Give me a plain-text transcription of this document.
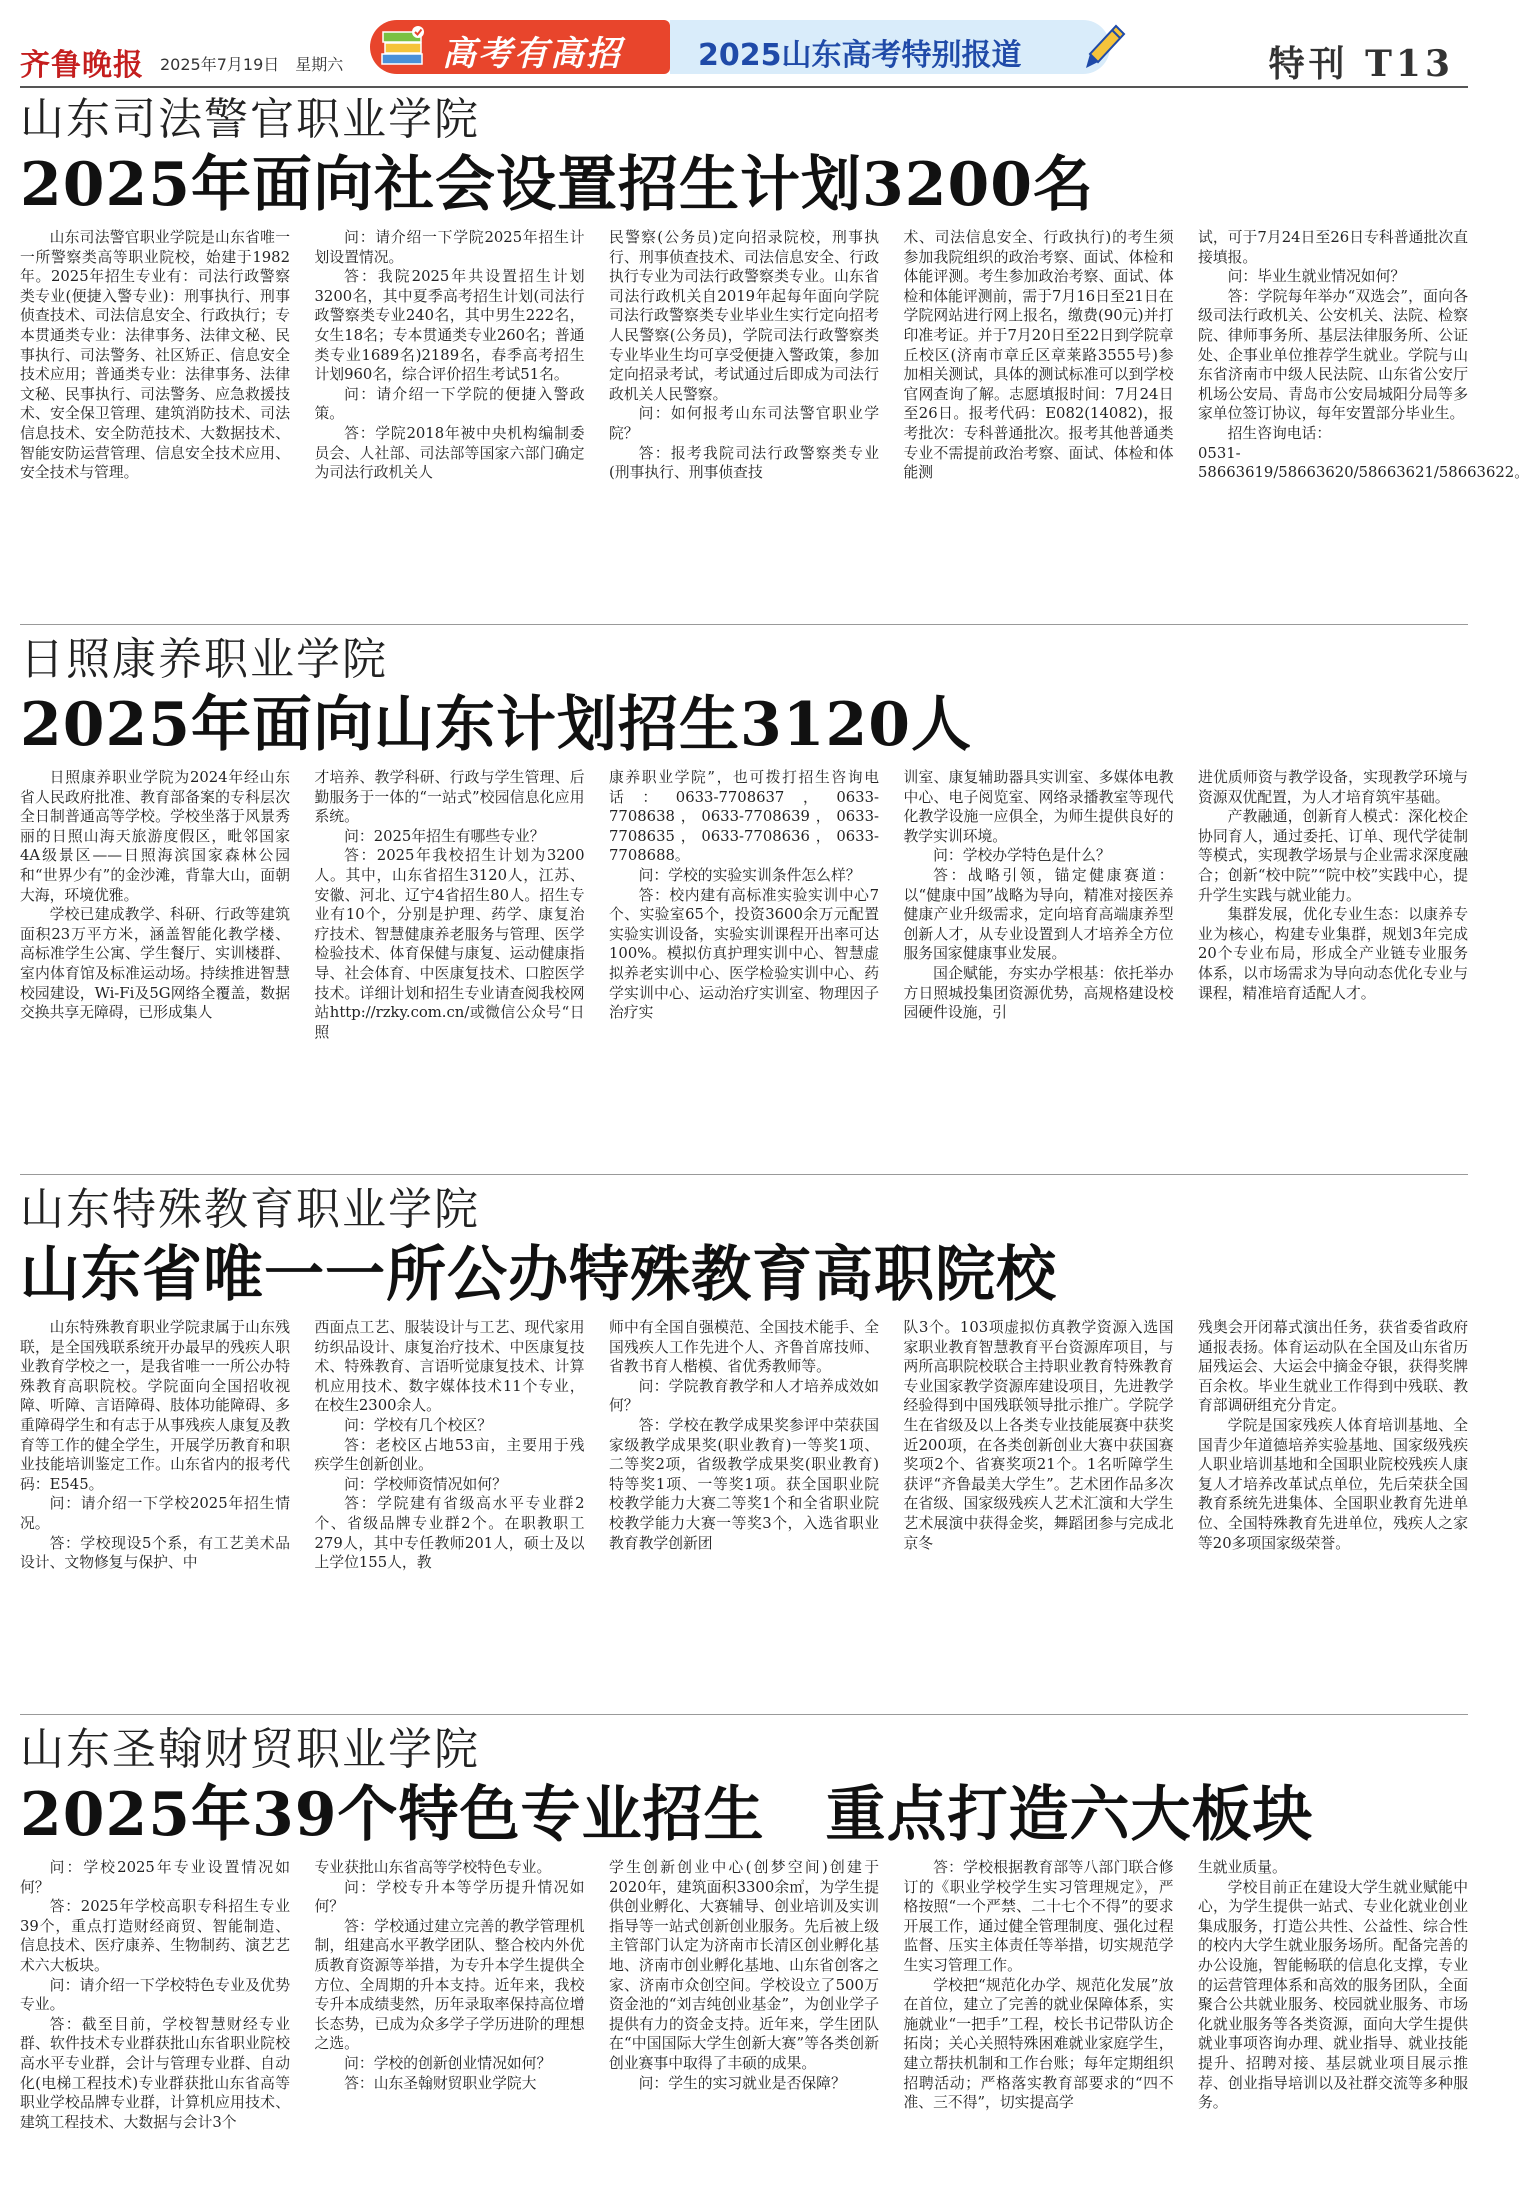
齐鲁晚报 2025年7月19日　星期六	高考有高招	2025山东高考特别报道	特刊 T13
山东司法警官职业学院
2025年面向社会设置招生计划3200名

山东司法警官职业学院是山东省唯一一所警察类高等职业院校，始建于1982年。2025年招生专业有：司法行政警察类专业(便捷入警专业)：刑事执行、刑事侦查技术、司法信息安全、行政执行；专本贯通类专业：法律事务、法律文秘、民事执行、司法警务、社区矫正、信息安全技术应用；普通类专业：法律事务、法律文秘、民事执行、司法警务、应急救援技术、安全保卫管理、建筑消防技术、司法信息技术、安全防范技术、大数据技术、智能安防运营管理、信息安全技术应用、安全技术与管理。

问：请介绍一下学院2025年招生计划设置情况。

答：我院2025年共设置招生计划3200名，其中夏季高考招生计划(司法行政警察类专业240名，其中男生222名，女生18名；专本贯通类专业260名；普通类专业1689名)2189名，春季高考招生计划960名，综合评价招生考试51名。

问：请介绍一下学院的便捷入警政策。

答：学院2018年被中央机构编制委员会、人社部、司法部等国家六部门确定为司法行政机关人

民警察(公务员)定向招录院校，刑事执行、刑事侦查技术、司法信息安全、行政执行专业为司法行政警察类专业。山东省司法行政机关自2019年起每年面向学院司法行政警察类专业毕业生实行定向招考人民警察(公务员)，学院司法行政警察类专业毕业生均可享受便捷入警政策，参加定向招录考试，考试通过后即成为司法行政机关人民警察。

问：如何报考山东司法警官职业学院？

答：报考我院司法行政警察类专业(刑事执行、刑事侦查技

术、司法信息安全、行政执行)的考生须参加我院组织的政治考察、面试、体检和体能评测。考生参加政治考察、面试、体检和体能评测前，需于7月16日至21日在学院网站进行网上报名，缴费(90元)并打印准考证。并于7月20日至22日到学院章丘校区(济南市章丘区章莱路3555号)参加相关测试，具体的测试标准可以到学校官网查询了解。志愿填报时间：7月24日至26日。报考代码：E082(14082)，报考批次：专科普通批次。报考其他普通类专业不需提前政治考察、面试、体检和体能测

试，可于7月24日至26日专科普通批次直接填报。

问：毕业生就业情况如何？

答：学院每年举办“双选会”，面向各级司法行政机关、公安机关、法院、检察院、律师事务所、基层法律服务所、公证处、企事业单位推荐学生就业。学院与山东省济南市中级人民法院、山东省公安厅机场公安局、青岛市公安局城阳分局等多家单位签订协议，每年安置部分毕业生。

招生咨询电话：

0531-58663619/58663620/58663621/58663622。

日照康养职业学院
2025年面向山东计划招生3120人

日照康养职业学院为2024年经山东省人民政府批准、教育部备案的专科层次全日制普通高等学校。学校坐落于风景秀丽的日照山海天旅游度假区，毗邻国家4A级景区——日照海滨国家森林公园和“世界少有”的金沙滩，背靠大山，面朝大海，环境优雅。

学校已建成教学、科研、行政等建筑面积23万平方米，涵盖智能化教学楼、高标准学生公寓、学生餐厅、实训楼群、室内体育馆及标准运动场。持续推进智慧校园建设，Wi-Fi及5G网络全覆盖，数据交换共享无障碍，已形成集人

才培养、教学科研、行政与学生管理、后勤服务于一体的“一站式”校园信息化应用系统。

问：2025年招生有哪些专业？

答：2025年我校招生计划为3200人。其中，山东省招生3120人，江苏、安徽、河北、辽宁4省招生80人。招生专业有10个，分别是护理、药学、康复治疗技术、智慧健康养老服务与管理、医学检验技术、体育保健与康复、运动健康指导、社会体育、中医康复技术、口腔医学技术。详细计划和招生专业请查阅我校网站http://rzky.com.cn/或微信公众号“日照

康养职业学院”，也可拨打招生咨询电话：0633-7708637，0633-7708638，0633-7708639，0633-7708635，0633-7708636，0633-7708688。

问：学校的实验实训条件怎么样？

答：校内建有高标准实验实训中心7个、实验室65个，投资3600余万元配置实验实训设备，实验实训课程开出率可达100%。模拟仿真护理实训中心、智慧虚拟养老实训中心、医学检验实训中心、药学实训中心、运动治疗实训室、物理因子治疗实

训室、康复辅助器具实训室、多媒体电教中心、电子阅览室、网络录播教室等现代化教学设施一应俱全，为师生提供良好的教学实训环境。

问：学校办学特色是什么？

答：战略引领，锚定健康赛道：以“健康中国”战略为导向，精准对接医养健康产业升级需求，定向培育高端康养型创新人才，从专业设置到人才培养全方位服务国家健康事业发展。

国企赋能，夯实办学根基：依托举办方日照城投集团资源优势，高规格建设校园硬件设施，引

进优质师资与教学设备，实现教学环境与资源双优配置，为人才培育筑牢基础。

产教融通，创新育人模式：深化校企协同育人，通过委托、订单、现代学徒制等模式，实现教学场景与企业需求深度融合；创新“校中院”“院中校”实践中心，提升学生实践与就业能力。

集群发展，优化专业生态：以康养专业为核心，构建专业集群，规划3年完成20个专业布局，形成全产业链专业服务体系，以市场需求为导向动态优化专业与课程，精准培育适配人才。

山东特殊教育职业学院
山东省唯一一所公办特殊教育高职院校

山东特殊教育职业学院隶属于山东残联，是全国残联系统开办最早的残疾人职业教育学校之一，是我省唯一一所公办特殊教育高职院校。学院面向全国招收视障、听障、言语障碍、肢体功能障碍、多重障碍学生和有志于从事残疾人康复及教育等工作的健全学生，开展学历教育和职业技能培训鉴定工作。山东省内的报考代码：E545。

问：请介绍一下学校2025年招生情况。

答：学校现设5个系，有工艺美术品设计、文物修复与保护、中

西面点工艺、服装设计与工艺、现代家用纺织品设计、康复治疗技术、中医康复技术、特殊教育、言语听觉康复技术、计算机应用技术、数字媒体技术11个专业，在校生2300余人。

问：学校有几个校区？

答：老校区占地53亩，主要用于残疾学生创新创业。

问：学校师资情况如何？

答：学院建有省级高水平专业群2个、省级品牌专业群2个。在职教职工279人，其中专任教师201人，硕士及以上学位155人，教

师中有全国自强模范、全国技术能手、全国残疾人工作先进个人、齐鲁首席技师、省教书育人楷模、省优秀教师等。

问：学院教育教学和人才培养成效如何？

答：学校在教学成果奖参评中荣获国家级教学成果奖(职业教育)一等奖1项、二等奖2项，省级教学成果奖(职业教育)特等奖1项、一等奖1项。获全国职业院校教学能力大赛二等奖1个和全省职业院校教学能力大赛一等奖3个，入选省职业教育教学创新团

队3个。103项虚拟仿真教学资源入选国家职业教育智慧教育平台资源库项目，与两所高职院校联合主持职业教育特殊教育专业国家教学资源库建设项目，先进教学经验得到中国残联领导批示推广。学院学生在省级及以上各类专业技能展赛中获奖近200项，在各类创新创业大赛中获国赛奖项2个、省赛奖项21个。1名听障学生获评“齐鲁最美大学生”。艺术团作品多次在省级、国家级残疾人艺术汇演和大学生艺术展演中获得金奖，舞蹈团参与完成北京冬

残奥会开闭幕式演出任务，获省委省政府通报表扬。体育运动队在全国及山东省历届残运会、大运会中摘金夺银，获得奖牌百余枚。毕业生就业工作得到中残联、教育部调研组充分肯定。

学院是国家残疾人体育培训基地、全国青少年道德培养实验基地、国家级残疾人职业培训基地和全国职业院校残疾人康复人才培养改革试点单位，先后荣获全国教育系统先进集体、全国职业教育先进单位、全国特殊教育先进单位，残疾人之家等20多项国家级荣誉。

山东圣翰财贸职业学院
2025年39个特色专业招生　重点打造六大板块

问：学校2025年专业设置情况如何？

答：2025年学校高职专科招生专业39个，重点打造财经商贸、智能制造、信息技术、医疗康养、生物制药、演艺艺术六大板块。

问：请介绍一下学校特色专业及优势专业。

答：截至目前，学校智慧财经专业群、软件技术专业群获批山东省职业院校高水平专业群，会计与管理专业群、自动化(电梯工程技术)专业群获批山东省高等职业学校品牌专业群，计算机应用技术、建筑工程技术、大数据与会计3个

专业获批山东省高等学校特色专业。

问：学校专升本等学历提升情况如何？

答：学校通过建立完善的教学管理机制，组建高水平教学团队、整合校内外优质教育资源等举措，为专升本学生提供全方位、全周期的升本支持。近年来，我校专升本成绩斐然，历年录取率保持高位增长态势，已成为众多学子学历进阶的理想之选。

问：学校的创新创业情况如何？

答：山东圣翰财贸职业学院大

学生创新创业中心(创梦空间)创建于2020年，建筑面积3300余㎡，为学生提供创业孵化、大赛辅导、创业培训及实训指导等一站式创新创业服务。先后被上级主管部门认定为济南市长清区创业孵化基地、济南市创业孵化基地、山东省创客之家、济南市众创空间。学校设立了500万资金池的“刘吉纯创业基金”，为创业学子提供有力的资金支持。近年来，学生团队在“中国国际大学生创新大赛”等各类创新创业赛事中取得了丰硕的成果。

问：学生的实习就业是否保障？

答：学校根据教育部等八部门联合修订的《职业学校学生实习管理规定》，严格按照“一个严禁、二十七个不得”的要求开展工作，通过健全管理制度、强化过程监督、压实主体责任等举措，切实规范学生实习管理工作。

学校把“规范化办学、规范化发展”放在首位，建立了完善的就业保障体系，实施就业“一把手”工程，校长书记带队访企拓岗；关心关照特殊困难就业家庭学生，建立帮扶机制和工作台账；每年定期组织招聘活动；严格落实教育部要求的“四不准、三不得”，切实提高学

生就业质量。

学校目前正在建设大学生就业赋能中心，为学生提供一站式、专业化就业创业集成服务，打造公共性、公益性、综合性的校内大学生就业服务场所。配备完善的办公设施，智能畅联的信息化支撑，专业的运营管理体系和高效的服务团队，全面聚合公共就业服务、校园就业服务、市场化就业服务等各类资源，面向大学生提供就业事项咨询办理、就业指导、就业技能提升、招聘对接、基层就业项目展示推荐、创业指导培训以及社群交流等多种服务。
